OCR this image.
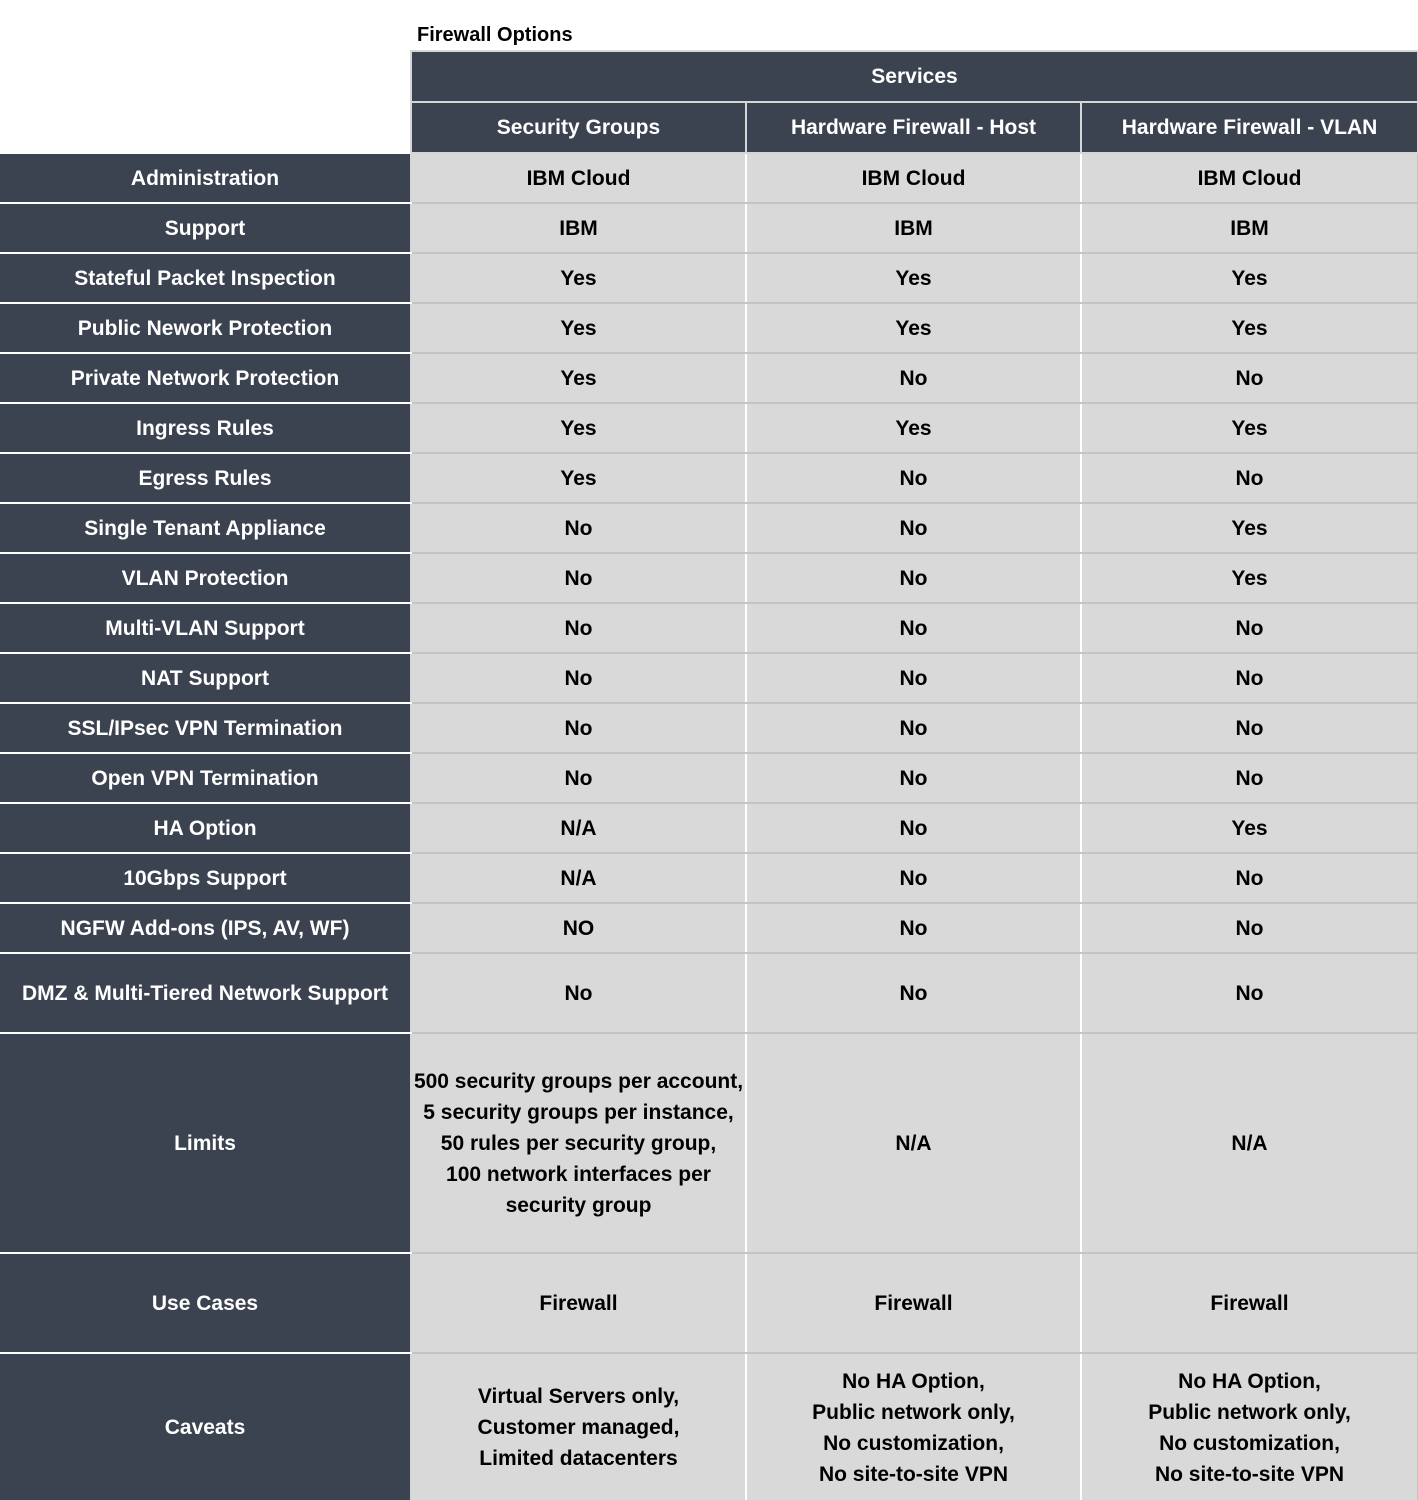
Firewall Options
	Services		
	Security Groups	Hardware Firewall - Host	Hardware Firewall - VLAN
Administration	IBM Cloud	IBM Cloud	IBM Cloud
Support	IBM	IBM	IBM
Stateful Packet Inspection	Yes	Yes	Yes
Public Nework Protection	Yes	Yes	Yes
Private Network Protection	Yes	No	No
Ingress Rules	Yes	Yes	Yes
Egress Rules	Yes	No	No
Single Tenant Appliance	No	No	Yes
VLAN Protection	No	No	Yes
Multi-VLAN Support	No	No	No
NAT Support	No	No	No
SSL/IPsec VPN Termination	No	No	No
Open VPN Termination	No	No	No
HA Option	N/A	No	Yes
10Gbps Support	N/A	No	No
NGFW Add-ons (IPS, AV, WF)	NO	No	No
DMZ & Multi-Tiered Network Support	No	No	No
Limits	500 security groups per account,
5 security groups per instance,
50 rules per security group,
100 network interfaces per
security group	N/A	N/A
Use Cases	Firewall	Firewall	Firewall
Caveats	Virtual Servers only,
Customer managed,
Limited datacenters	No HA Option,
Public network only,
No customization,
No site-to-site VPN	No HA Option,
Public network only,
No customization,
No site-to-site VPN
